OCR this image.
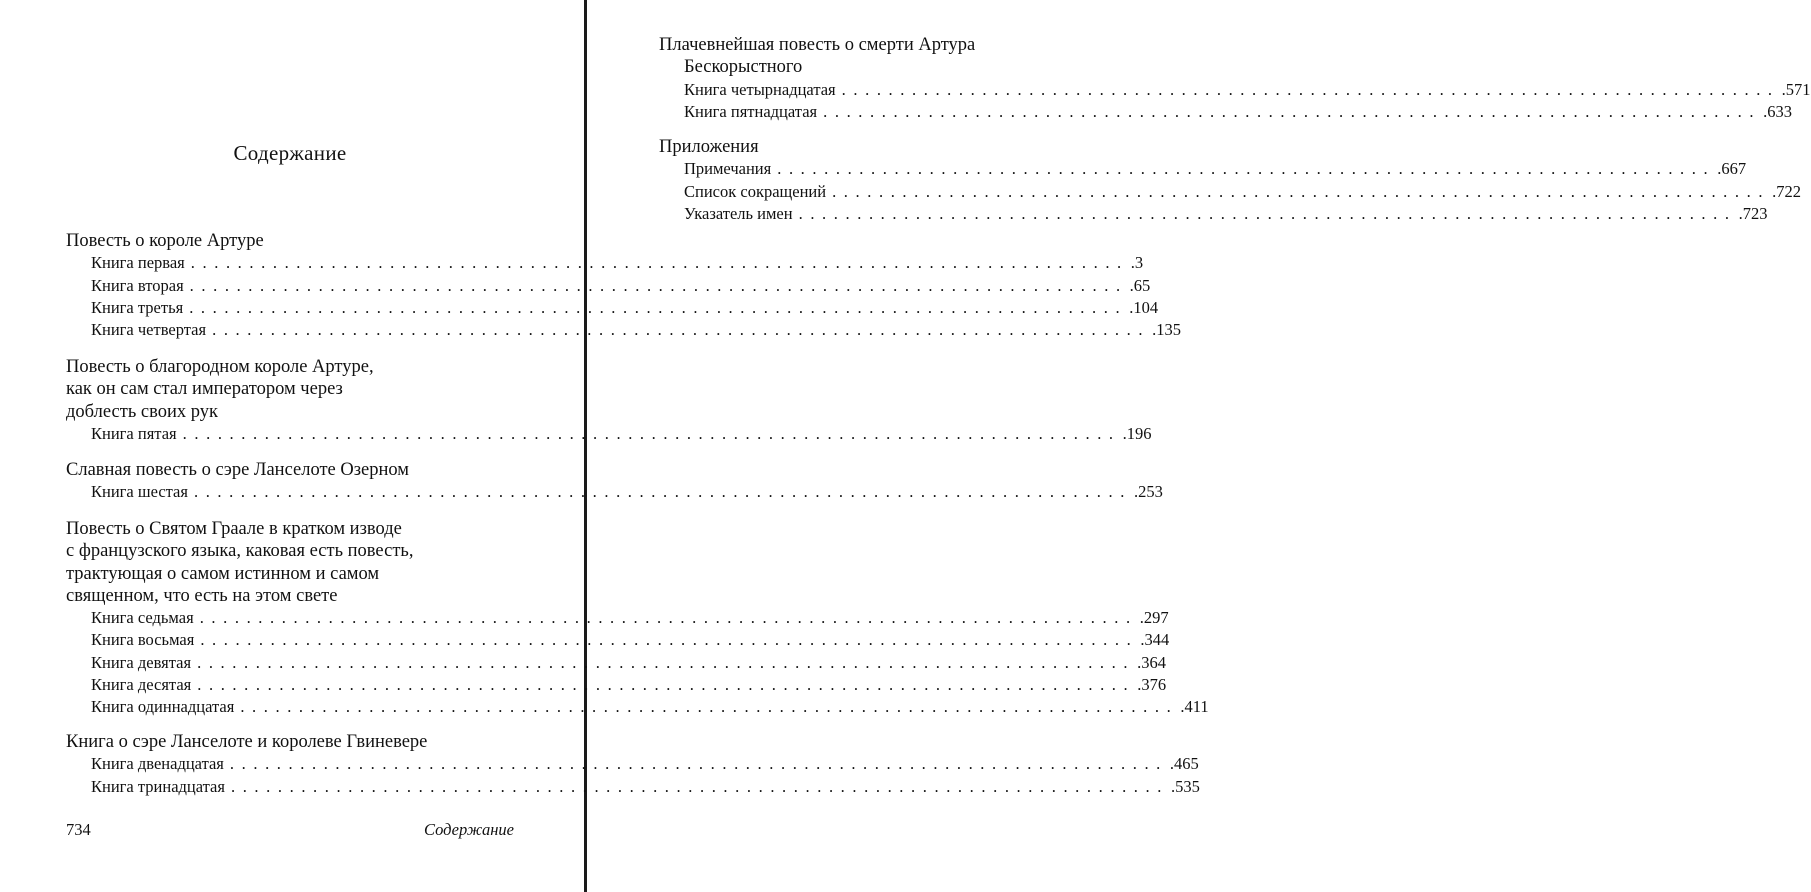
Содержание
Повесть о короле Артуре
Книга первая ................................................................................ .3
Книга вторая ................................................................................ .65
Книга третья ................................................................................ .104
Книга четвертая ................................................................................ .135
Повесть о благородном короле Артуре,
как он сам стал императором через
доблесть своих рук
Книга пятая ................................................................................ .196
Славная повесть о сэре Ланселоте Озерном
Книга шестая ................................................................................ .253
Повесть о Святом Граале в кратком изводе
с французского языка, каковая есть повесть,
трактующая о самом истинном и самом
священном, что есть на этом свете
Книга седьмая ................................................................................ .297
Книга восьмая ................................................................................ .344
Книга девятая ................................................................................ .364
Книга десятая ................................................................................ .376
Книга одиннадцатая ................................................................................ .411
Книга о сэре Ланселоте и королеве Гвиневере
Книга двенадцатая ................................................................................ .465
Книга тринадцатая ................................................................................ .535
734	Содержание
Плачевнейшая повесть о смерти Артура
Бескорыстного
Книга четырнадцатая ................................................................................ .571
Книга пятнадцатая ................................................................................ .633
Приложения
Примечания ................................................................................ .667
Список сокращений ................................................................................ .722
Указатель имен ................................................................................ .723
